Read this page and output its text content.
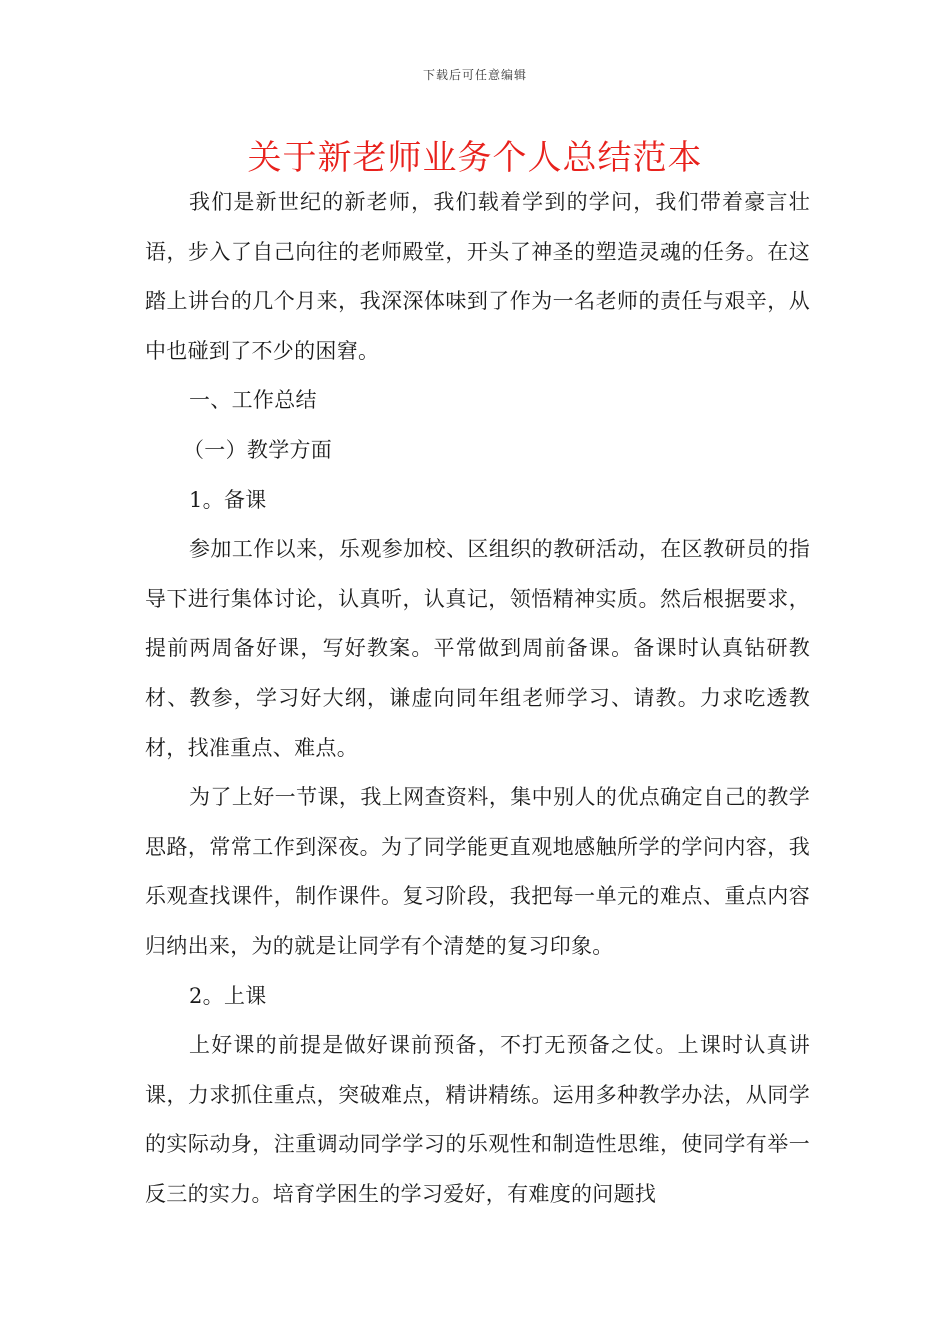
下载后可任意编辑
关于新老师业务个人总结范本

我们是新世纪的新老师，我们载着学到的学问，我们带着豪言壮语，步入了自己向往的老师殿堂，开头了神圣的塑造灵魂的任务。在这踏上讲台的几个月来，我深深体味到了作为一名老师的责任与艰辛，从中也碰到了不少的困窘。

一、工作总结

（一）教学方面

1。备课

参加工作以来，乐观参加校、区组织的教研活动，在区教研员的指导下进行集体讨论，认真听，认真记，领悟精神实质。然后根据要求，提前两周备好课，写好教案。平常做到周前备课。备课时认真钻研教材、教参，学习好大纲，谦虚向同年组老师学习、请教。力求吃透教材，找准重点、难点。

为了上好一节课，我上网查资料，集中别人的优点确定自己的教学思路，常常工作到深夜。为了同学能更直观地感触所学的学问内容，我乐观查找课件，制作课件。复习阶段，我把每一单元的难点、重点内容归纳出来，为的就是让同学有个清楚的复习印象。

2。上课

上好课的前提是做好课前预备，不打无预备之仗。上课时认真讲课，力求抓住重点，突破难点，精讲精练。运用多种教学办法，从同学的实际动身，注重调动同学学习的乐观性和制造性思维，使同学有举一反三的实力。培育学困生的学习爱好，有难度的问题找
